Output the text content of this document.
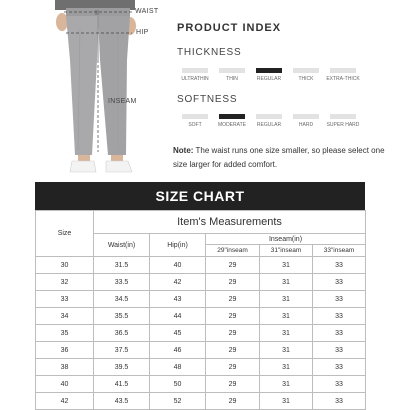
WAIST
HIP
INSEAM
PRODUCT INDEX
THICKNESS
ULTRATHIN	THIN	REGULAR	THICK	EXTRA-THICK
SOFTNESS
SOFT	MODERATE	REGULAR	HARD	SUPER HARD
Note: The waist runs one size smaller, so please select one size larger for added comfort.
SIZE CHART
Size	Item's Measurements				
	Waist(in)	Hip(in)	Inseam(in)		
			29"inseam	31"inseam	33"inseam
30	31.5	40	29	31	33
32	33.5	42	29	31	33
33	34.5	43	29	31	33
34	35.5	44	29	31	33
35	36.5	45	29	31	33
36	37.5	46	29	31	33
38	39.5	48	29	31	33
40	41.5	50	29	31	33
42	43.5	52	29	31	33
